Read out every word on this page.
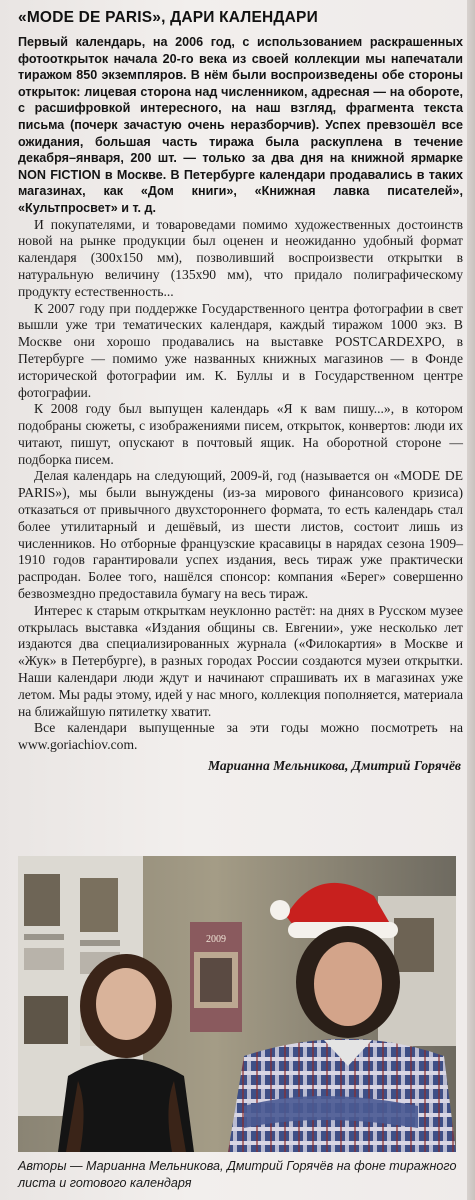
«MODE DE PARIS», ДАРИ КАЛЕНДАРИ
Первый календарь, на 2006 год, с использованием раскрашенных фотооткрыток начала 20-го века из своей коллекции мы напечатали тиражом 850 экземпляров. В нём были воспроизведены обе стороны открыток: лицевая сторона над численником, адресная — на обороте, с расшифровкой интересного, на наш взгляд, фрагмента текста письма (почерк зачастую очень неразборчив). Успех превзошёл все ожидания, большая часть тиража была раскуплена в течение декабря–января, 200 шт. — только за два дня на книжной ярмарке NON FICTION в Москве. В Петербурге календари продавались в таких магазинах, как «Дом книги», «Книжная лавка писателей», «Культпросвет» и т. д.

И покупателями, и товароведами помимо художественных достоинств новой на рынке продукции был оценен и неожиданно удобный формат календаря (300х150 мм), позволивший воспроизвести открытки в натуральную величину (135х90 мм), что придало полиграфическому продукту естественность...

К 2007 году при поддержке Государственного центра фотографии в свет вышли уже три тематических календаря, каждый тиражом 1000 экз. В Москве они хорошо продавались на выставке POSTCARDEXPO, в Петербурге — помимо уже названных книжных магазинов — в Фонде исторической фотографии им. К. Буллы и в Государственном центре фотографии.

К 2008 году был выпущен календарь «Я к вам пишу...», в котором подобраны сюжеты, с изображениями писем, открыток, конвертов: люди их читают, пишут, опускают в почтовый ящик. На оборотной стороне — подборка писем.

Делая календарь на следующий, 2009-й, год (называется он «MODE DE PARIS»), мы были вынуждены (из-за мирового финансового кризиса) отказаться от привычного двухстороннего формата, то есть календарь стал более утилитарный и дешёвый, из шести листов, состоит лишь из численников. Но отборные французские красавицы в нарядах сезона 1909–1910 годов гарантировали успех издания, весь тираж уже практически распродан. Более того, нашёлся спонсор: компания «Берег» совершенно безвозмездно предоставила бумагу на весь тираж.

Интерес к старым открыткам неуклонно растёт: на днях в Русском музее открылась выставка «Издания общины св. Евгении», уже несколько лет издаются два специализированных журнала («Филокартия» в Москве и «Жук» в Петербурге), в разных городах России создаются музеи открытки. Наши календари люди ждут и начинают спрашивать их в магазинах уже летом. Мы рады этому, идей у нас много, коллекция пополняется, материала на ближайшую пятилетку хватит.

Все календари выпущенные за эти годы можно посмотреть на www.goriachiov.com.

Марианна Мельникова, Дмитрий Горячёв
2009
Авторы — Марианна Мельникова, Дмитрий Горячёв на фоне тиражного листа и готового календаря
